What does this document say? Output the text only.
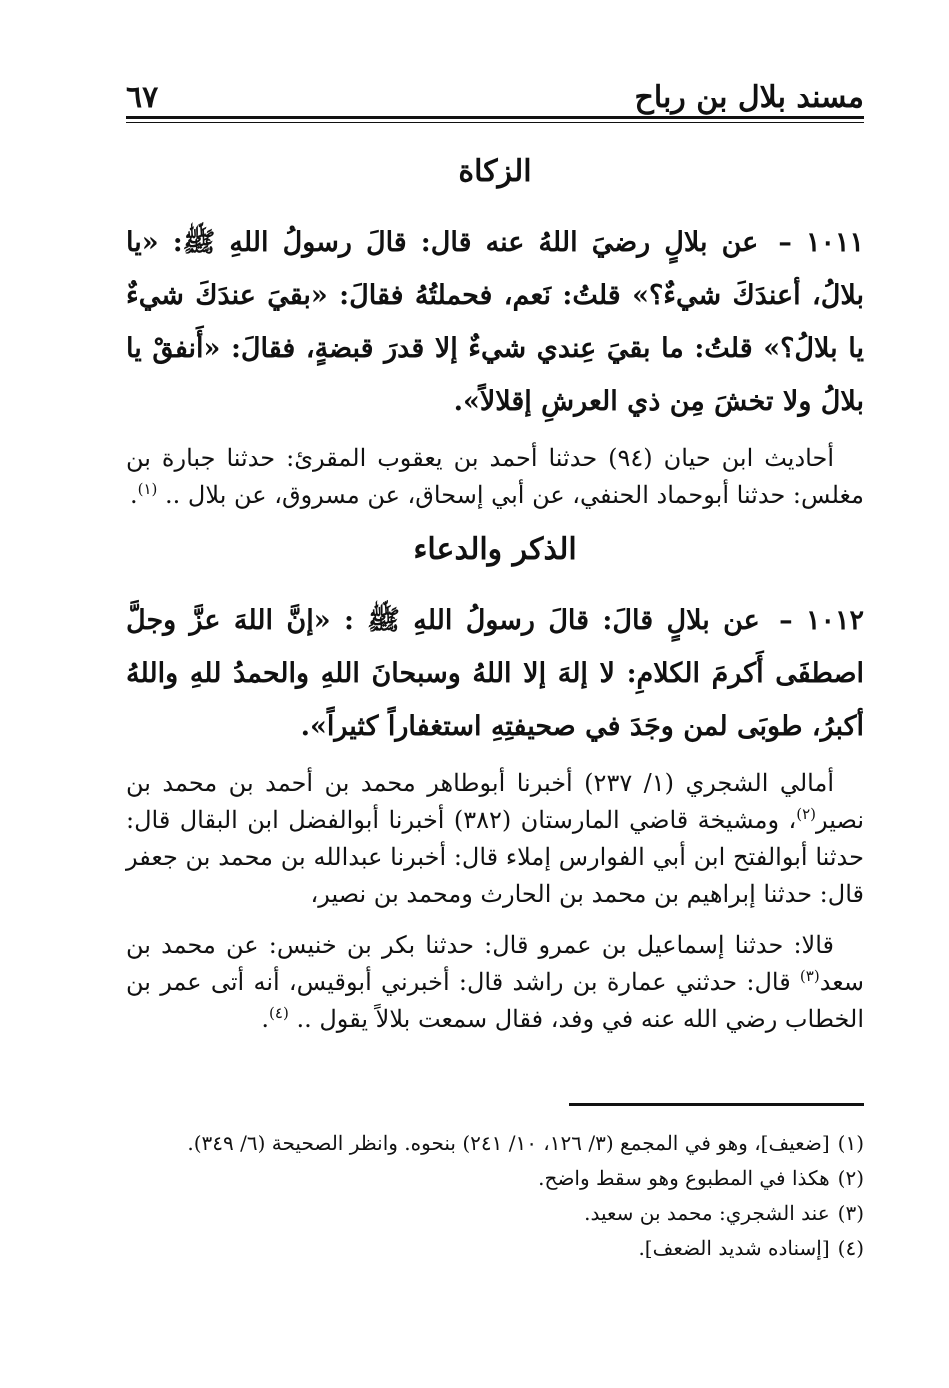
مسند بلال بن رباح
٦٧
الزكاة

١٠١١ – عن بلالٍ رضيَ اللهُ عنه قال: قالَ رسولُ اللهِ ﷺ: «يا بلالُ، أعندَكَ شيءٌ؟» قلتُ: نَعم، فحملتُهُ فقالَ: «بقيَ عندَكَ شيءٌ يا بلالُ؟» قلتُ: ما بقيَ عِندي شيءٌ إلا قدرَ قبضةٍ، فقالَ: «أَنفقْ يا بلالُ ولا تخشَ مِن ذي العرشِ إقلالاً».

أحاديث ابن حيان (٩٤) حدثنا أحمد بن يعقوب المقرئ: حدثنا جبارة بن مغلس: حدثنا أبوحماد الحنفي، عن أبي إسحاق، عن مسروق، عن بلال .. $^{(١)}$.

الذكر والدعاء

١٠١٢ – عن بلالٍ قالَ: قالَ رسولُ اللهِ ﷺ : «إنَّ اللهَ عزَّ وجلَّ اصطفَى أَكرمَ الكلامِ: لا إلهَ إلا اللهُ وسبحانَ اللهِ والحمدُ للهِ واللهُ أكبرُ، طوبَى لمن وجَدَ في صحيفتِهِ استغفاراً كثيراً».

أمالي الشجري (١/ ٢٣٧) أخبرنا أبوطاهر محمد بن أحمد بن محمد بن نصير$^{(٢)}$، ومشيخة قاضي المارستان (٣٨٢) أخبرنا أبوالفضل ابن البقال قال: حدثنا أبوالفتح ابن أبي الفوارس إملاء قال: أخبرنا عبدالله بن محمد بن جعفر قال: حدثنا إبراهيم بن محمد بن الحارث ومحمد بن نصير،

قالا: حدثنا إسماعيل بن عمرو قال: حدثنا بكر بن خنيس: عن محمد بن سعد$^{(٣)}$ قال: حدثني عمارة بن راشد قال: أخبرني أبوقيس، أنه أتى عمر بن الخطاب رضي الله عنه في وفد، فقال سمعت بلالاً يقول .. $^{(٤)}$.

(١)[ضعيف]، وهو في المجمع (٣/ ١٢٦، ١٠/ ٢٤١) بنحوه. وانظر الصحيحة (٦/ ٣٤٩).

(٢)هكذا في المطبوع وهو سقط واضح.

(٣)عند الشجري: محمد بن سعيد.

(٤)[إسناده شديد الضعف].
